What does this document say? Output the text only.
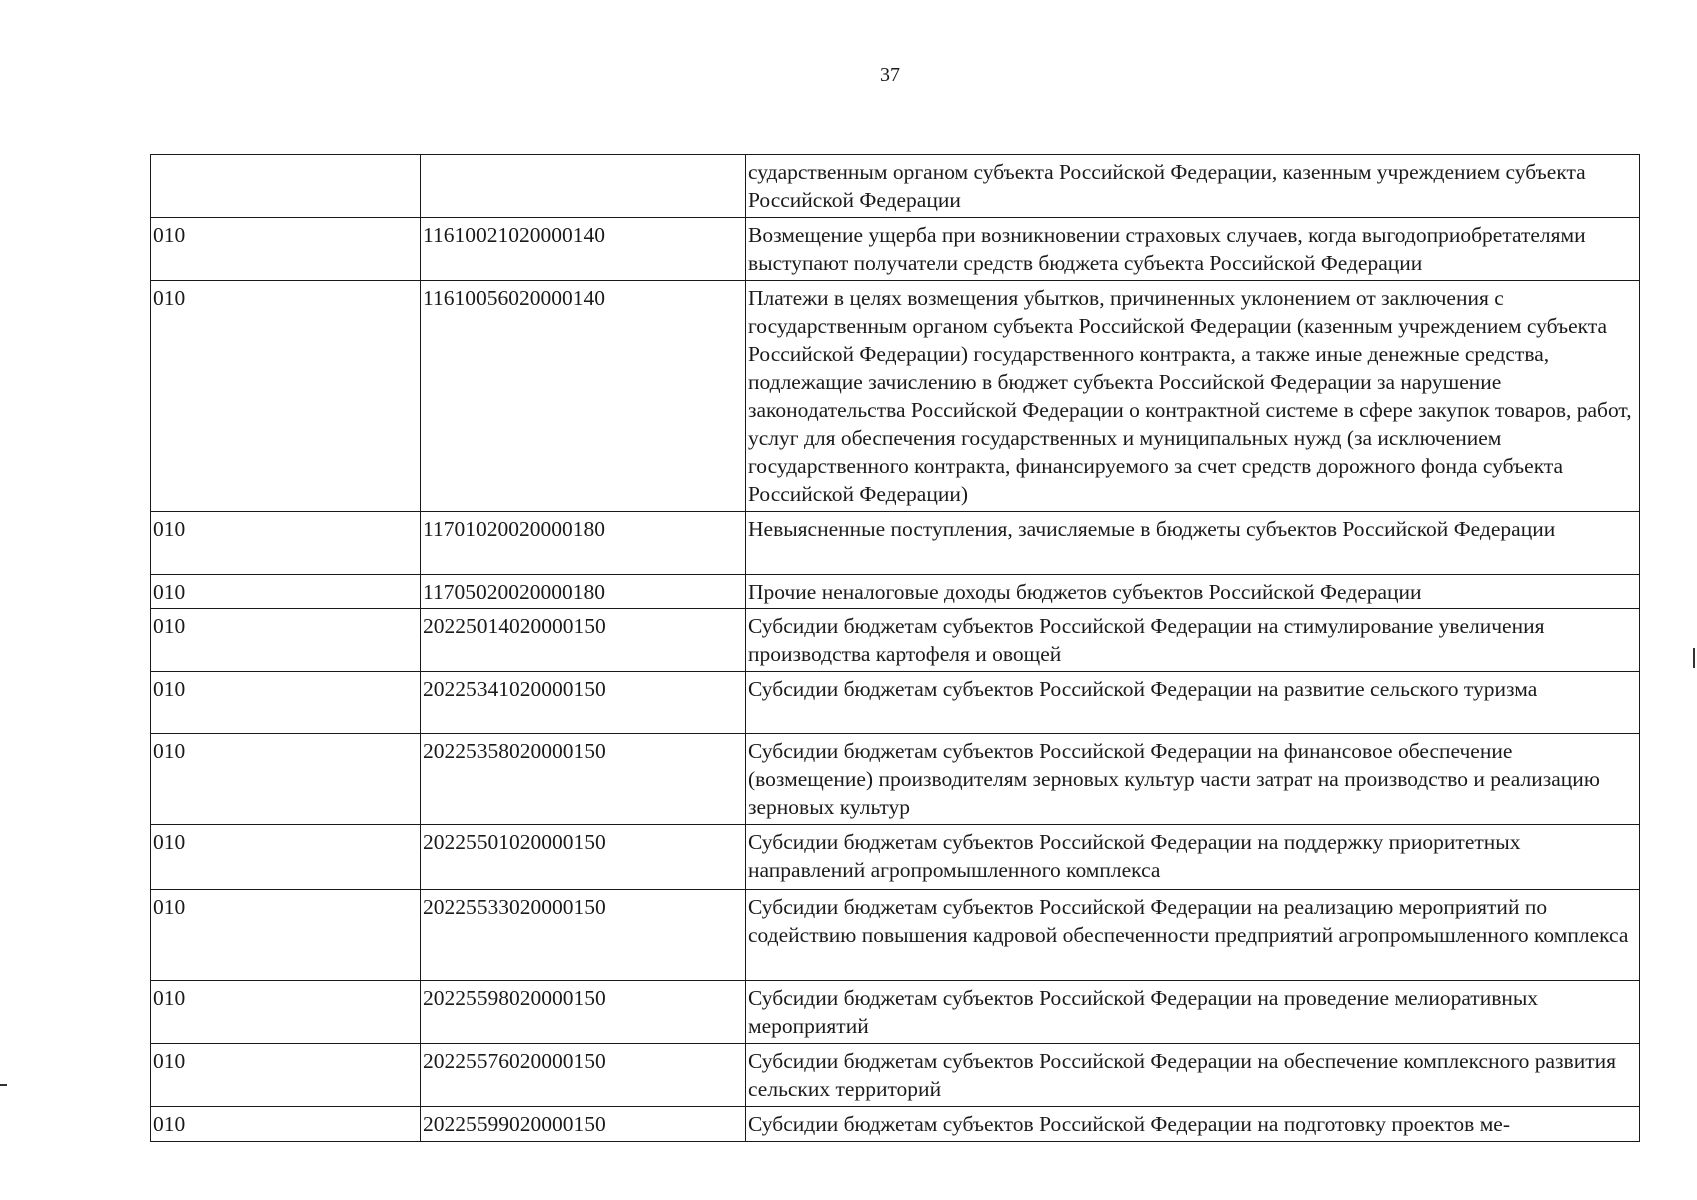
37
		сударственным органом субъекта Российской Федерации, казенным учреждением субъекта Российской Федерации
010	11610021020000140	Возмещение ущерба при возникновении страховых случаев, когда выгодоприобретателями выступают получатели средств бюджета субъекта Российской Федерации
010	11610056020000140	Платежи в целях возмещения убытков, причиненных уклонением от заключения с государственным органом субъекта Российской Федерации (казенным учреждением субъекта Российской Федерации) государственного контракта, а также иные денежные средства, подлежащие зачислению в бюджет субъекта Российской Федерации за нарушение законодательства Российской Федерации о контрактной системе в сфере закупок товаров, работ, услуг для обеспечения государственных и муниципальных нужд (за исключением государственного контракта, финансируемого за счет средств дорожного фонда субъекта Российской Федерации)
010	11701020020000180	Невыясненные поступления, зачисляемые в бюджеты субъектов Российской Федерации
010	11705020020000180	Прочие неналоговые доходы бюджетов субъектов Российской Федерации
010	20225014020000150	Субсидии бюджетам субъектов Российской Федерации на стимулирование увеличения производства картофеля и овощей
010	20225341020000150	Субсидии бюджетам субъектов Российской Федерации на развитие сельского туризма
010	20225358020000150	Субсидии бюджетам субъектов Российской Федерации на финансовое обеспечение (возмещение) производителям зерновых культур части затрат на производство и реализацию зерновых культур
010	20225501020000150	Субсидии бюджетам субъектов Российской Федерации на поддержку приоритетных направлений агропромышленного комплекса
010	20225533020000150	Субсидии бюджетам субъектов Российской Федерации на реализацию мероприятий по содействию повышения кадровой обеспеченности предприятий агропромышленного комплекса
010	20225598020000150	Субсидии бюджетам субъектов Российской Федерации на проведение мелиоративных мероприятий
010	20225576020000150	Субсидии бюджетам субъектов Российской Федерации на обеспечение комплексного развития сельских территорий
010	20225599020000150	Субсидии бюджетам субъектов Российской Федерации на подготовку проектов ме-
